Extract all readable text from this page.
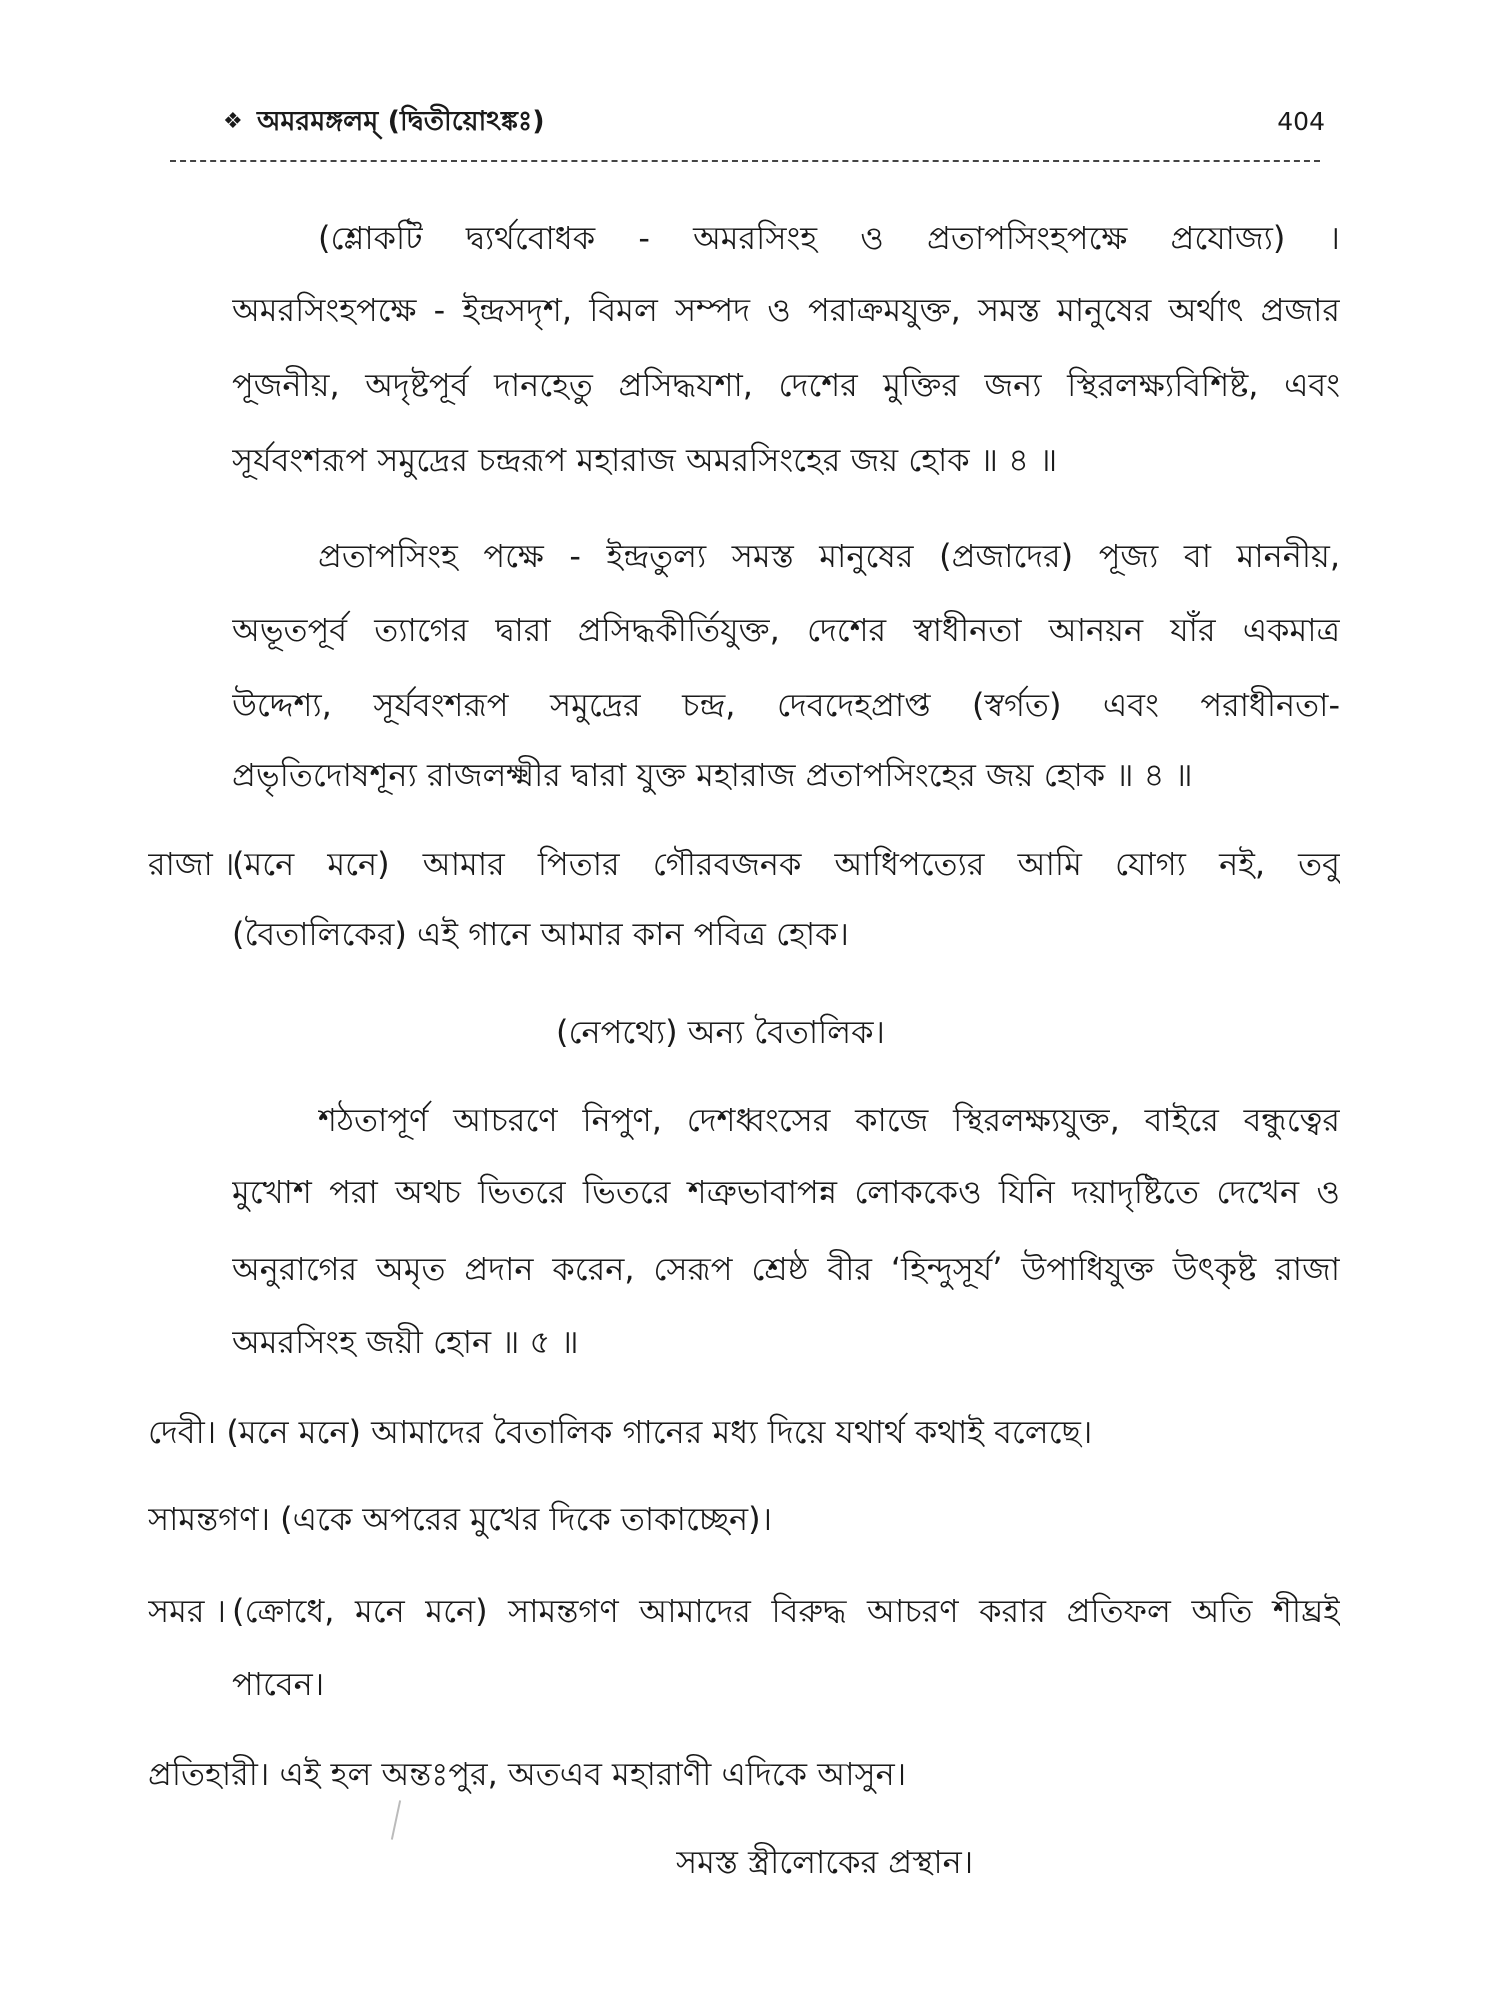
❖ অমরমঙ্গলম্ (দ্বিতীয়োঽঙ্কঃ)	404
(শ্লোকটি দ্ব্যর্থবোধক - অমরসিংহ ও প্রতাপসিংহপক্ষে প্রযোজ্য) ।
অমরসিংহপক্ষে - ইন্দ্রসদৃশ, বিমল সম্পদ ও পরাক্রমযুক্ত, সমস্ত মানুষের অর্থাৎ প্রজার
পূজনীয়, অদৃষ্টপূর্ব দানহেতু প্রসিদ্ধযশা, দেশের মুক্তির জন্য স্থিরলক্ষ্যবিশিষ্ট, এবং
সূর্যবংশরূপ সমুদ্রের চন্দ্ররূপ মহারাজ অমরসিংহের জয় হোক ॥ ৪ ॥
প্রতাপসিংহ পক্ষে - ইন্দ্রতুল্য সমস্ত মানুষের (প্রজাদের) পূজ্য বা মাননীয়,
অভূতপূর্ব ত্যাগের দ্বারা প্রসিদ্ধকীর্তিযুক্ত, দেশের স্বাধীনতা আনয়ন যাঁর একমাত্র
উদ্দেশ্য, সূর্যবংশরূপ সমুদ্রের চন্দ্র, দেবদেহপ্রাপ্ত (স্বর্গত) এবং পরাধীনতা-
প্রভৃতিদোষশূন্য রাজলক্ষ্মীর দ্বারা যুক্ত মহারাজ প্রতাপসিংহের জয় হোক ॥ ৪ ॥
রাজা ।
(মনে মনে) আমার পিতার গৌরবজনক আধিপত্যের আমি যোগ্য নই, তবু
(বৈতালিকের) এই গানে আমার কান পবিত্র হোক।
(নেপথ্যে) অন্য বৈতালিক।
শঠতাপূর্ণ আচরণে নিপুণ, দেশধ্বংসের কাজে স্থিরলক্ষ্যযুক্ত, বাইরে বন্ধুত্বের
মুখোশ পরা অথচ ভিতরে ভিতরে শত্রুভাবাপন্ন লোককেও যিনি দয়াদৃষ্টিতে দেখেন ও
অনুরাগের অমৃত প্রদান করেন, সেরূপ শ্রেষ্ঠ বীর ‘হিন্দুসূর্য’ উপাধিযুক্ত উৎকৃষ্ট রাজা
অমরসিংহ জয়ী হোন ॥ ৫ ॥
দেবী। (মনে মনে) আমাদের বৈতালিক গানের মধ্য দিয়ে যথার্থ কথাই বলেছে।
সামন্তগণ। (একে অপরের মুখের দিকে তাকাচ্ছেন)।
সমর । (ক্রোধে, মনে মনে) সামন্তগণ আমাদের বিরুদ্ধ আচরণ করার প্রতিফল অতি শীঘ্রই
পাবেন।
প্রতিহারী। এই হল অন্তঃপুর, অতএব মহারাণী এদিকে আসুন।
সমস্ত স্ত্রীলোকের প্রস্থান।
